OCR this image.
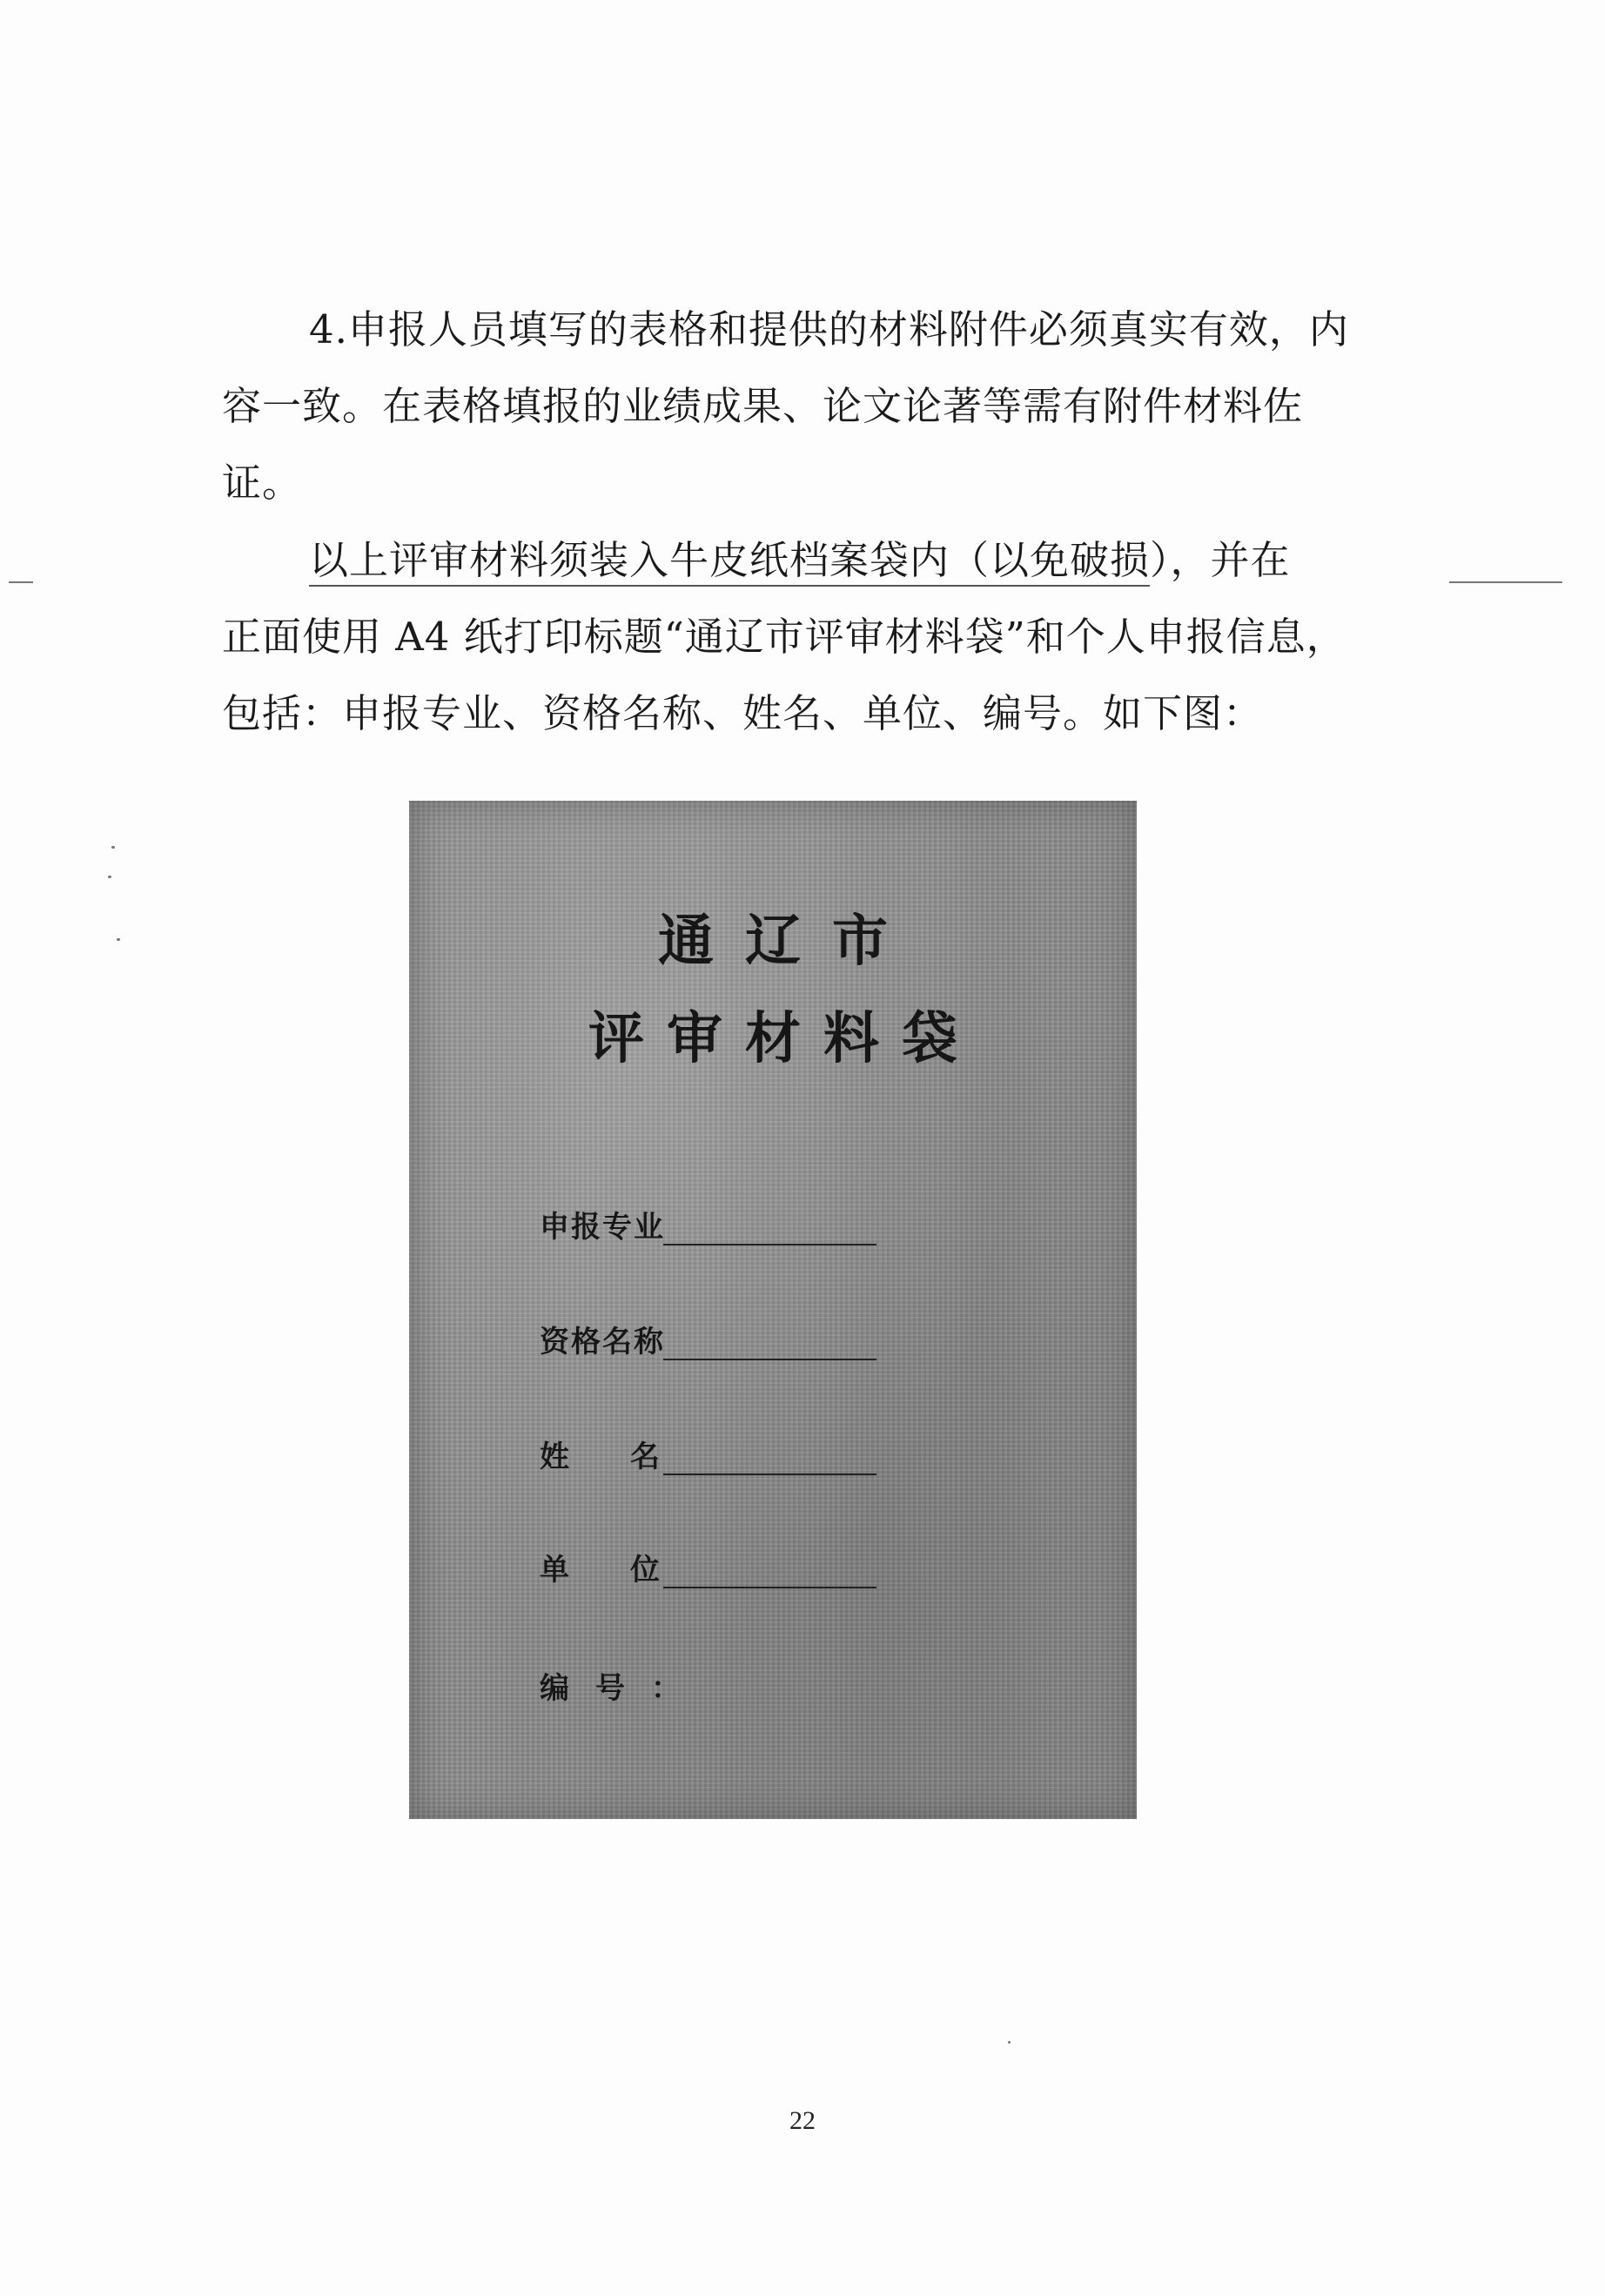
4.申报人员填写的表格和提供的材料附件必须真实有效，内
容一致。在表格填报的业绩成果、论文论著等需有附件材料佐
证。

以上评审材料须装入牛皮纸档案袋内（以免破损），并在
正面使用 A4 纸打印标题“通辽市评审材料袋”和个人申报信息，
包括：申报专业、资格名称、姓名、单位、编号。如下图：

通辽市

评审材料袋

申报专业
资格名称
姓名
单位
编号：

22
